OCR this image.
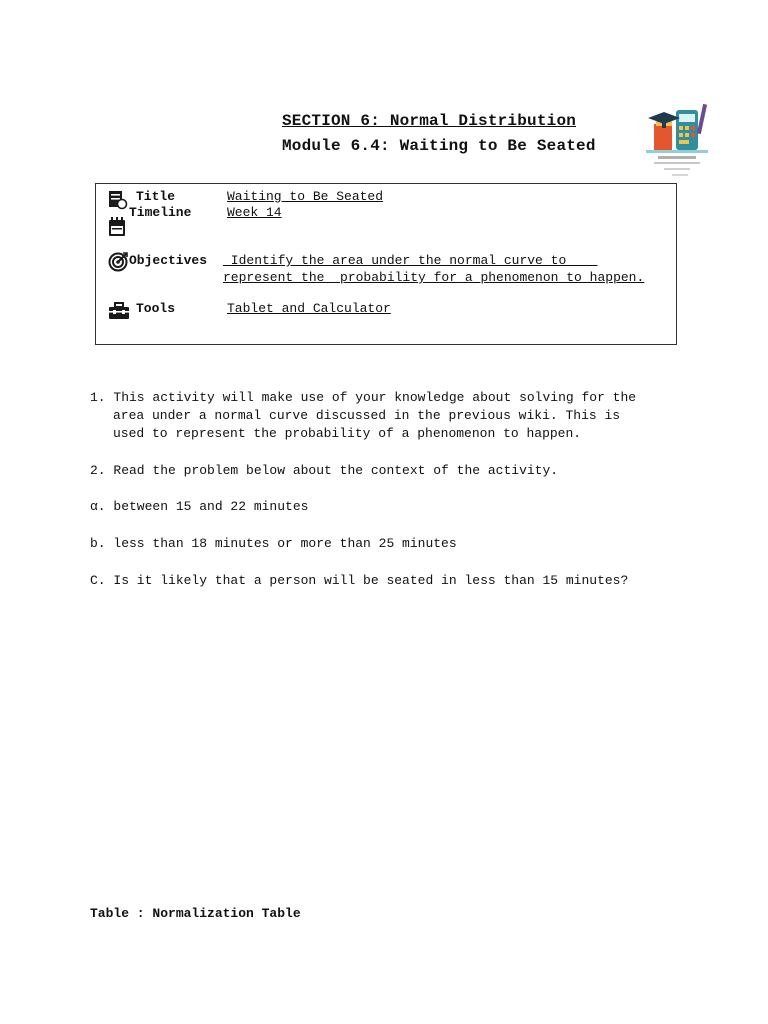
SECTION 6: Normal Distribution
Module 6.4: Waiting to Be Seated
Title	Waiting to Be Seated
Timeline	Week 14
Objectives Identify the area under the normal curve to
represent the  probability for a phenomenon to happen.
Tools	Tablet and Calculator
1. This activity will make use of your knowledge about solving for the
area under a normal curve discussed in the previous wiki. This is
used to represent the probability of a phenomenon to happen.
2. Read the problem below about the context of the activity.
α. between 15 and 22 minutes
b. less than 18 minutes or more than 25 minutes
C. Is it likely that a person will be seated in less than 15 minutes?
Table : Normalization Table
